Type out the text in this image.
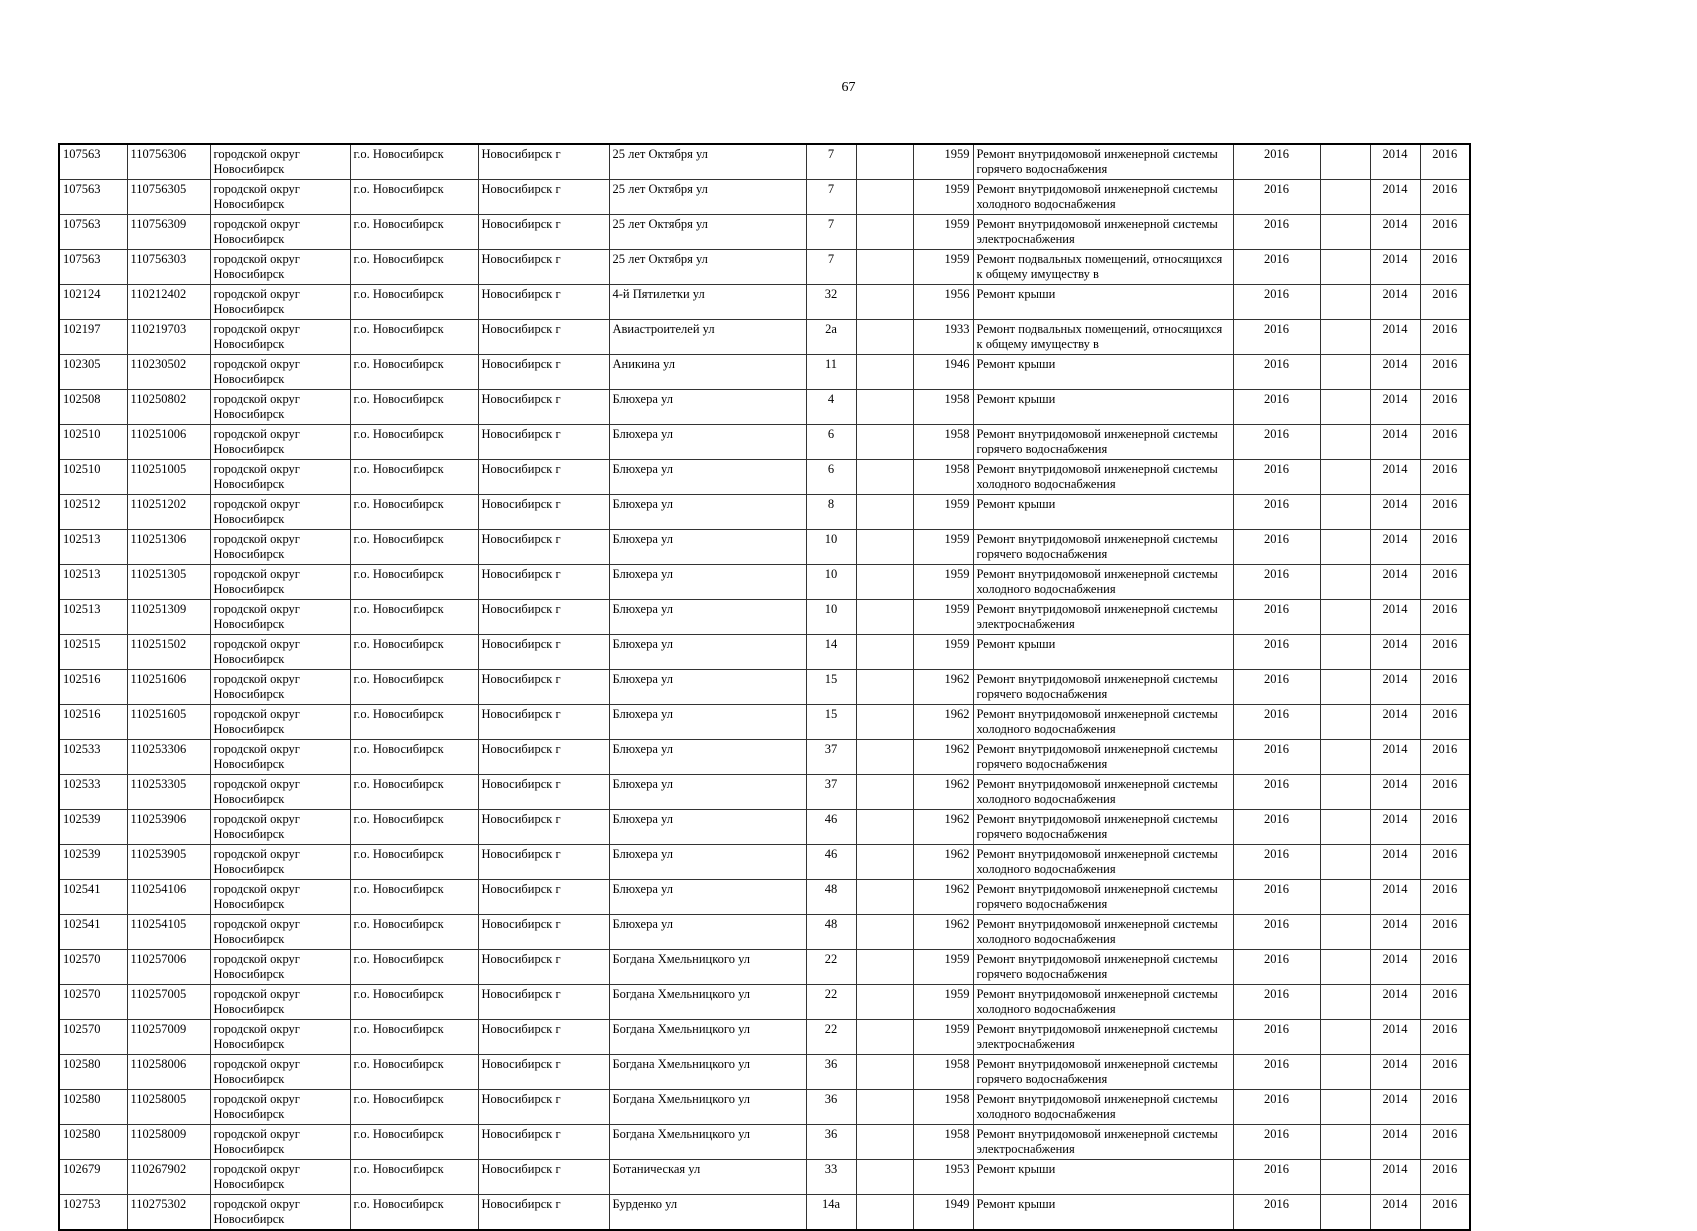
67
107563	110756306	городской округ Новосибирск	г.о. Новосибирск	Новосибирск г	25 лет Октября ул	7		1959	Ремонт внутридомовой инженерной системы горячего водоснабжения	2016		2014	2016
107563	110756305	городской округ Новосибирск	г.о. Новосибирск	Новосибирск г	25 лет Октября ул	7		1959	Ремонт внутридомовой инженерной системы холодного водоснабжения	2016		2014	2016
107563	110756309	городской округ Новосибирск	г.о. Новосибирск	Новосибирск г	25 лет Октября ул	7		1959	Ремонт внутридомовой инженерной системы электроснабжения	2016		2014	2016
107563	110756303	городской округ Новосибирск	г.о. Новосибирск	Новосибирск г	25 лет Октября ул	7		1959	Ремонт подвальных помещений, относящихся к общему имуществу в	2016		2014	2016
102124	110212402	городской округ Новосибирск	г.о. Новосибирск	Новосибирск г	4-й Пятилетки ул	32		1956	Ремонт крыши	2016		2014	2016
102197	110219703	городской округ Новосибирск	г.о. Новосибирск	Новосибирск г	Авиастроителей ул	2а		1933	Ремонт подвальных помещений, относящихся к общему имуществу в	2016		2014	2016
102305	110230502	городской округ Новосибирск	г.о. Новосибирск	Новосибирск г	Аникина ул	11		1946	Ремонт крыши	2016		2014	2016
102508	110250802	городской округ Новосибирск	г.о. Новосибирск	Новосибирск г	Блюхера ул	4		1958	Ремонт крыши	2016		2014	2016
102510	110251006	городской округ Новосибирск	г.о. Новосибирск	Новосибирск г	Блюхера ул	6		1958	Ремонт внутридомовой инженерной системы горячего водоснабжения	2016		2014	2016
102510	110251005	городской округ Новосибирск	г.о. Новосибирск	Новосибирск г	Блюхера ул	6		1958	Ремонт внутридомовой инженерной системы холодного водоснабжения	2016		2014	2016
102512	110251202	городской округ Новосибирск	г.о. Новосибирск	Новосибирск г	Блюхера ул	8		1959	Ремонт крыши	2016		2014	2016
102513	110251306	городской округ Новосибирск	г.о. Новосибирск	Новосибирск г	Блюхера ул	10		1959	Ремонт внутридомовой инженерной системы горячего водоснабжения	2016		2014	2016
102513	110251305	городской округ Новосибирск	г.о. Новосибирск	Новосибирск г	Блюхера ул	10		1959	Ремонт внутридомовой инженерной системы холодного водоснабжения	2016		2014	2016
102513	110251309	городской округ Новосибирск	г.о. Новосибирск	Новосибирск г	Блюхера ул	10		1959	Ремонт внутридомовой инженерной системы электроснабжения	2016		2014	2016
102515	110251502	городской округ Новосибирск	г.о. Новосибирск	Новосибирск г	Блюхера ул	14		1959	Ремонт крыши	2016		2014	2016
102516	110251606	городской округ Новосибирск	г.о. Новосибирск	Новосибирск г	Блюхера ул	15		1962	Ремонт внутридомовой инженерной системы горячего водоснабжения	2016		2014	2016
102516	110251605	городской округ Новосибирск	г.о. Новосибирск	Новосибирск г	Блюхера ул	15		1962	Ремонт внутридомовой инженерной системы холодного водоснабжения	2016		2014	2016
102533	110253306	городской округ Новосибирск	г.о. Новосибирск	Новосибирск г	Блюхера ул	37		1962	Ремонт внутридомовой инженерной системы горячего водоснабжения	2016		2014	2016
102533	110253305	городской округ Новосибирск	г.о. Новосибирск	Новосибирск г	Блюхера ул	37		1962	Ремонт внутридомовой инженерной системы холодного водоснабжения	2016		2014	2016
102539	110253906	городской округ Новосибирск	г.о. Новосибирск	Новосибирск г	Блюхера ул	46		1962	Ремонт внутридомовой инженерной системы горячего водоснабжения	2016		2014	2016
102539	110253905	городской округ Новосибирск	г.о. Новосибирск	Новосибирск г	Блюхера ул	46		1962	Ремонт внутридомовой инженерной системы холодного водоснабжения	2016		2014	2016
102541	110254106	городской округ Новосибирск	г.о. Новосибирск	Новосибирск г	Блюхера ул	48		1962	Ремонт внутридомовой инженерной системы горячего водоснабжения	2016		2014	2016
102541	110254105	городской округ Новосибирск	г.о. Новосибирск	Новосибирск г	Блюхера ул	48		1962	Ремонт внутридомовой инженерной системы холодного водоснабжения	2016		2014	2016
102570	110257006	городской округ Новосибирск	г.о. Новосибирск	Новосибирск г	Богдана Хмельницкого ул	22		1959	Ремонт внутридомовой инженерной системы горячего водоснабжения	2016		2014	2016
102570	110257005	городской округ Новосибирск	г.о. Новосибирск	Новосибирск г	Богдана Хмельницкого ул	22		1959	Ремонт внутридомовой инженерной системы холодного водоснабжения	2016		2014	2016
102570	110257009	городской округ Новосибирск	г.о. Новосибирск	Новосибирск г	Богдана Хмельницкого ул	22		1959	Ремонт внутридомовой инженерной системы электроснабжения	2016		2014	2016
102580	110258006	городской округ Новосибирск	г.о. Новосибирск	Новосибирск г	Богдана Хмельницкого ул	36		1958	Ремонт внутридомовой инженерной системы горячего водоснабжения	2016		2014	2016
102580	110258005	городской округ Новосибирск	г.о. Новосибирск	Новосибирск г	Богдана Хмельницкого ул	36		1958	Ремонт внутридомовой инженерной системы холодного водоснабжения	2016		2014	2016
102580	110258009	городской округ Новосибирск	г.о. Новосибирск	Новосибирск г	Богдана Хмельницкого ул	36		1958	Ремонт внутридомовой инженерной системы электроснабжения	2016		2014	2016
102679	110267902	городской округ Новосибирск	г.о. Новосибирск	Новосибирск г	Ботаническая ул	33		1953	Ремонт крыши	2016		2014	2016
102753	110275302	городской округ Новосибирск	г.о. Новосибирск	Новосибирск г	Бурденко ул	14а		1949	Ремонт крыши	2016		2014	2016
